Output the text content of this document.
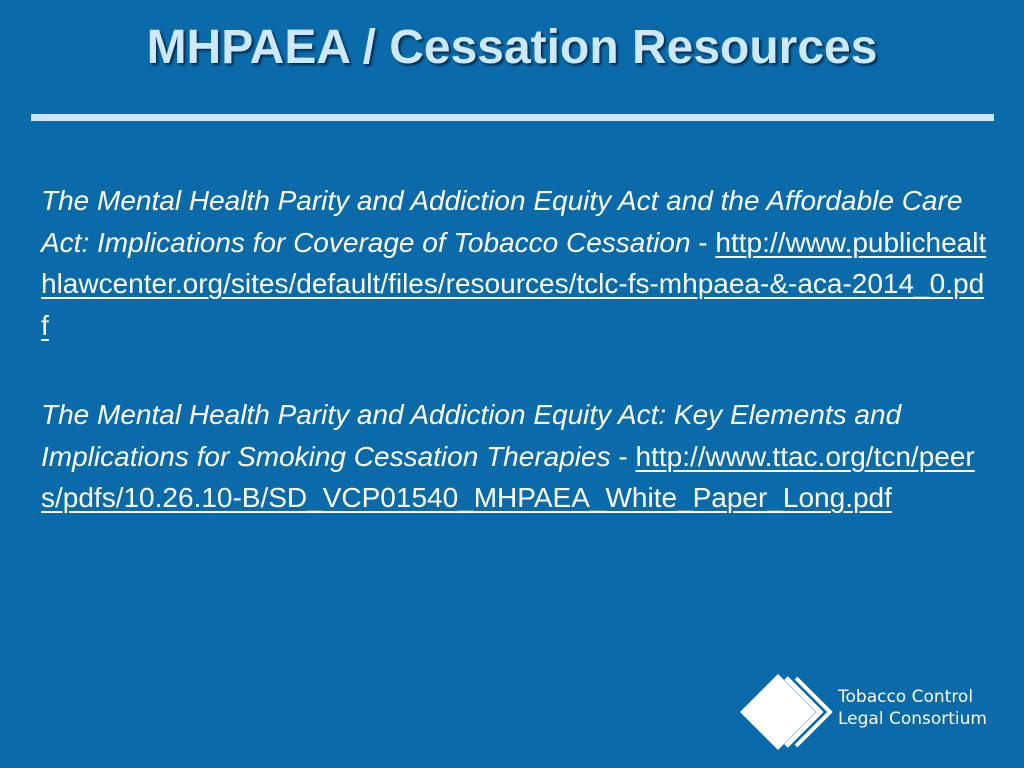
MHPAEA / Cessation Resources

The Mental Health Parity and Addiction Equity Act and the Affordable Care Act: Implications for Coverage of Tobacco Cessation - http://www.publichealthlawcenter.org/sites/default/files/resources/tclc-fs-mhpaea-&-aca-2014_0.pdf

The Mental Health Parity and Addiction Equity Act: Key Elements and Implications for Smoking Cessation Therapies - http://www.ttac.org/tcn/peers/pdfs/10.26.10-B/SD_VCP01540_MHPAEA_White_Paper_Long.pdf

Tobacco Control
Legal Consortium
